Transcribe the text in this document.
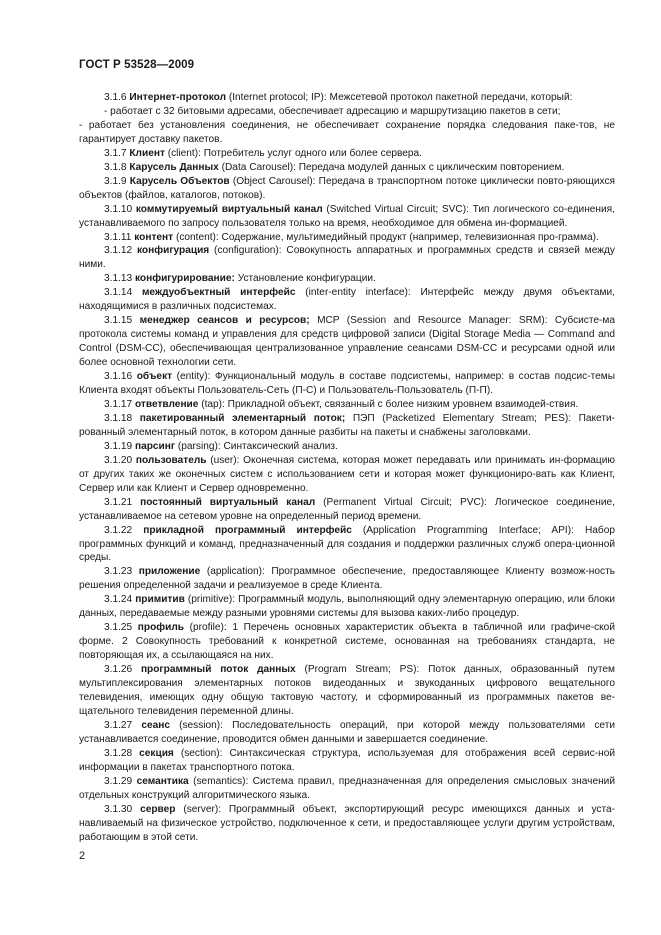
ГОСТ Р 53528—2009

3.1.6 Интернет-протокол (Internet protocol; IP): Межсетевой протокол пакетной передачи, который:

- работает с 32 битовыми адресами, обеспечивает адресацию и маршрутизацию пакетов в сети;

- работает без установления соединения, не обеспечивает сохранение порядка следования паке-тов, не гарантирует доставку пакетов.

3.1.7 Клиент (client): Потребитель услуг одного или более сервера.

3.1.8 Карусель Данных (Data Carousel): Передача модулей данных с циклическим повторением.

3.1.9 Карусель Объектов (Object Carousel): Передача в транспортном потоке циклически повто-ряющихся объектов (файлов, каталогов, потоков).

3.1.10 коммутируемый виртуальный канал (Switched Virtual Circuit; SVC): Тип логического со-единения, устанавливаемого по запросу пользователя только на время, необходимое для обмена ин-формацией.

3.1.11 контент (content): Содержание, мультимедийный продукт (например, телевизионная про-грамма).

3.1.12 конфигурация (configuration): Совокупность аппаратных и программных средств и связей между ними.

3.1.13 конфигурирование: Установление конфигурации.

3.1.14 междуобъектный интерфейс (inter-entity interface): Интерфейс между двумя объектами, находящимися в различных подсистемах.

3.1.15 менеджер сеансов и ресурсов; MCP (Session and Resource Manager: SRM): Субсисте-ма протокола системы команд и управления для средств цифровой записи (Digital Storage Media — Command and Control (DSM-CC), обеспечивающая централизованное управление сеансами DSM-CC и ресурсами одной или более основной технологии сети.

3.1.16 объект (entity): Функциональный модуль в составе подсистемы, например: в состав подсис-темы Клиента входят объекты Пользователь-Сеть (П-С) и Пользователь-Пользователь (П-П).

3.1.17 ответвление (tap): Прикладной объект, связанный с более низким уровнем взаимодей-ствия.

3.1.18 пакетированный элементарный поток; ПЭП (Packetized Elementary Stream; PES): Пакети-рованный элементарный поток, в котором данные разбиты на пакеты и снабжены заголовками.

3.1.19 парсинг (parsing): Синтаксический анализ.

3.1.20 пользователь (user): Оконечная система, которая может передавать или принимать ин-формацию от других таких же оконечных систем с использованием сети и которая может функциониро-вать как Клиент, Сервер или как Клиент и Сервер одновременно.

3.1.21 постоянный виртуальный канал (Permanent Virtual Circuit; PVC): Логическое соединение, устанавливаемое на сетевом уровне на определенный период времени.

3.1.22 прикладной программный интерфейс (Application Programming Interface; API): Набор программных функций и команд, предназначенный для создания и поддержки различных служб опера-ционной среды.

3.1.23 приложение (application): Программное обеспечение, предоставляющее Клиенту возмож-ность решения определенной задачи и реализуемое в среде Клиента.

3.1.24 примитив (primitive): Программный модуль, выполняющий одну элементарную операцию, или блоки данных, передаваемые между разными уровнями системы для вызова каких-либо процедур.

3.1.25 профиль (profile): 1 Перечень основных характеристик объекта в табличной или графиче-ской форме. 2 Совокупность требований к конкретной системе, основанная на требованиях стандарта, не повторяющая их, а ссылающаяся на них.

3.1.26 программный поток данных (Program Stream; PS): Поток данных, образованный путем мультиплексирования элементарных потоков видеоданных и звукоданных цифрового вещательного телевидения, имеющих одну общую тактовую частоту, и сформированный из программных пакетов ве-щательного телевидения переменной длины.

3.1.27 сеанс (session): Последовательность операций, при которой между пользователями сети устанавливается соединение, проводится обмен данными и завершается соединение.

3.1.28 секция (section): Синтаксическая структура, используемая для отображения всей сервис-ной информации в пакетах транспортного потока.

3.1.29 семантика (semantics): Система правил, предназначенная для определения смысловых значений отдельных конструкций алгоритмического языка.

3.1.30 сервер (server): Программный объект, экспортирующий ресурс имеющихся данных и уста-навливаемый на физическое устройство, подключенное к сети, и предоставляющее услуги другим устройствам, работающим в этой сети.

2
